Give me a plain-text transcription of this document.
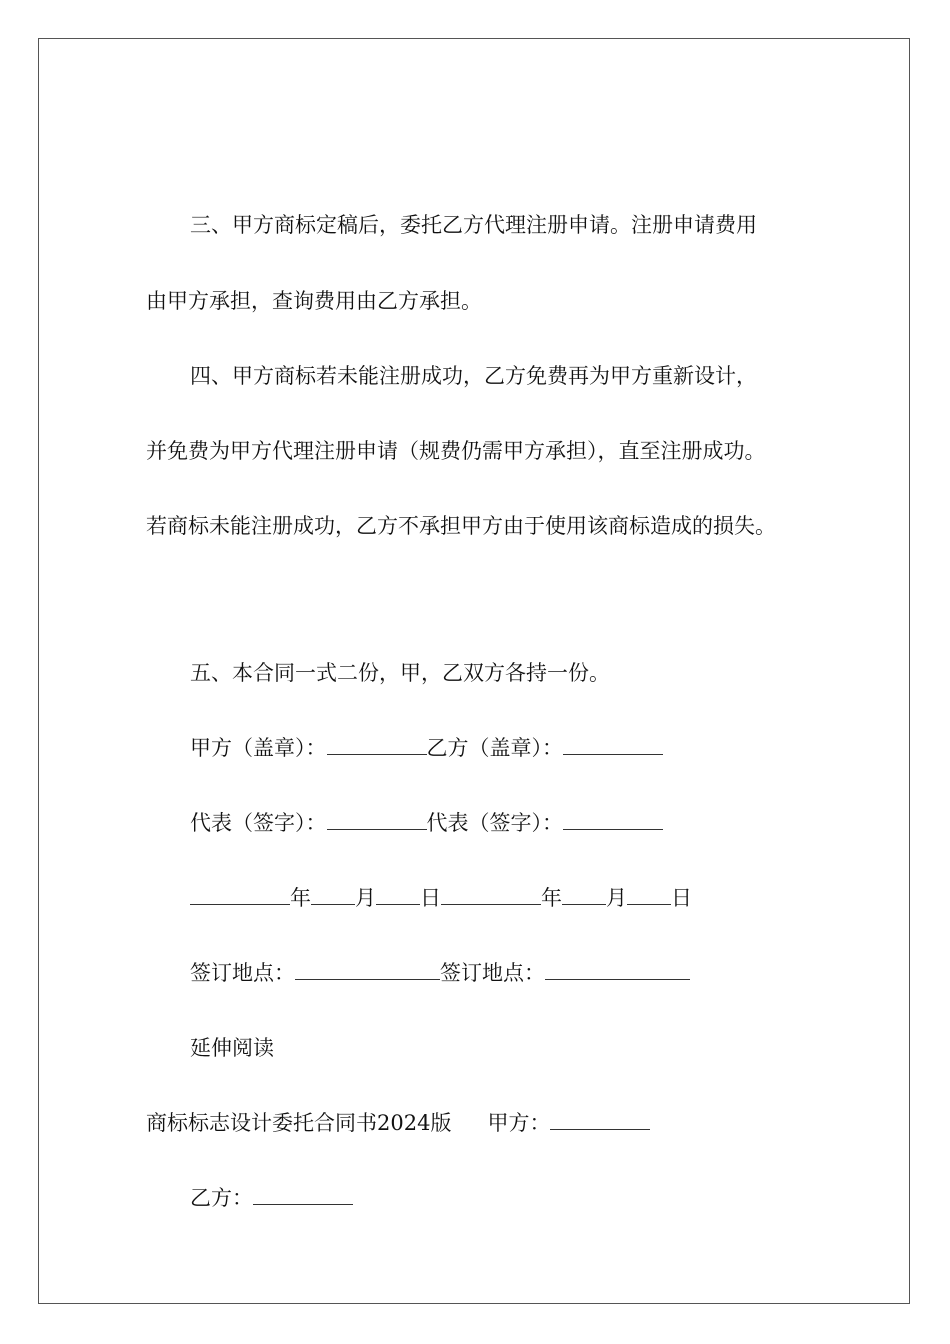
三、甲方商标定稿后，委托乙方代理注册申请。注册申请费用
由甲方承担，查询费用由乙方承担。
四、甲方商标若未能注册成功，乙方免费再为甲方重新设计，
并免费为甲方代理注册申请（规费仍需甲方承担），直至注册成功。
若商标未能注册成功，乙方不承担甲方由于使用该商标造成的损失。
五、本合同一式二份，甲，乙双方各持一份。
甲方（盖章）：	乙方（盖章）：
代表（签字）：	代表（签字）：
年 月 日	年 月 日
签订地点：	签订地点：
延伸阅读
商标标志设计委托合同书2024版 甲方：
乙方：
